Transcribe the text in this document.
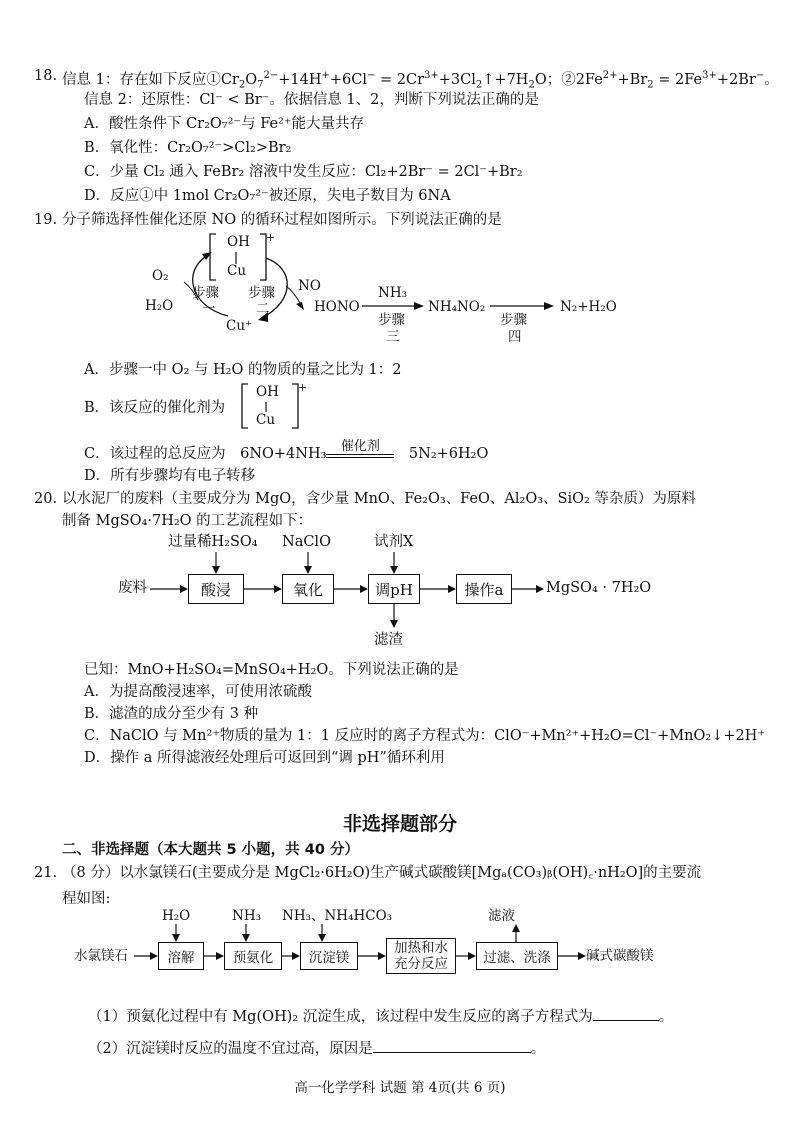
18. 信息 1：存在如下反应$①Cr_2O_7^{2-}+14H^++6Cl^-$ = $2Cr^{3+}+3Cl_2↑+7H_2O$；$②2Fe^{2+}+Br_2 = 2Fe^{3+}+2Br^-$。
信息 2：还原性：Cl⁻ < Br⁻。依据信息 1、2，判断下列说法正确的是
A．酸性条件下 Cr₂O₇²⁻与 Fe²⁺能大量共存
B．氧化性：Cr₂O₇²⁻>Cl₂>Br₂
C．少量 Cl₂ 通入 FeBr₂ 溶液中发生反应：Cl₂+2Br⁻ = 2Cl⁻+Br₂
D．反应①中 1mol Cr₂O₇²⁻被还原，失电子数目为 6NA
19. 分子筛选择性催化还原 NO 的循环过程如图所示。下列说法正确的是
OH
Cu
+
O₂
H₂O
步骤
一
步骤
二
NO
Cu⁺
HONO
NH₃
步骤
三
NH₄NO₂
步骤
四
N₂+H₂O
A．步骤一中 O₂ 与 H₂O 的物质的量之比为 1：2
B．该反应的催化剂为
OH
Cu
+
C．该过程的总反应为　6NO+4NH₃ 催化剂

　5N₂+6H₂O
D．所有步骤均有电子转移
20. 以水泥厂的废料（主要成分为 MgO，含少量 MnO、Fe₂O₃、FeO、Al₂O₃、SiO₂ 等杂质）为原料
制备 MgSO₄·7H₂O 的工艺流程如下：
过量稀H₂SO₄ NaClO	试剂X
废料	酸浸	氧化	调pH	操作a	MgSO₄ · 7H₂O
滤渣
已知：MnO+H₂SO₄=MnSO₄+H₂O。下列说法正确的是
A．为提高酸浸速率，可使用浓硫酸
B．滤渣的成分至少有 3 种
C．NaClO 与 Mn²⁺物质的量为 1：1 反应时的离子方程式为：ClO⁻+Mn²⁺+H₂O=Cl⁻+MnO₂↓+2H⁺
D．操作 a 所得滤液经处理后可返回到“调 pH”循环利用
非选择题部分
二、非选择题（本大题共 5 小题，共 40 分）
21. （8 分）以水氯镁石(主要成分是 MgCl₂·6H₂O)生产碱式碳酸镁[Mgₐ(CO₃)ᵦ(OH)꜀·nH₂O]的主要流
程如图:
H₂O	NH₃ NH₃、NH₄HCO₃	滤液
水氯镁石	溶解	预氨化	沉淀镁
加热和水
充分反应	过滤、洗涤	碱式碳酸镁
（1）预氨化过程中有 Mg(OH)₂ 沉淀生成，该过程中发生反应的离子方程式为	。
（2）沉淀镁时反应的温度不宜过高，原因是	。
高一化学学科 试题 第 4页(共 6 页)
